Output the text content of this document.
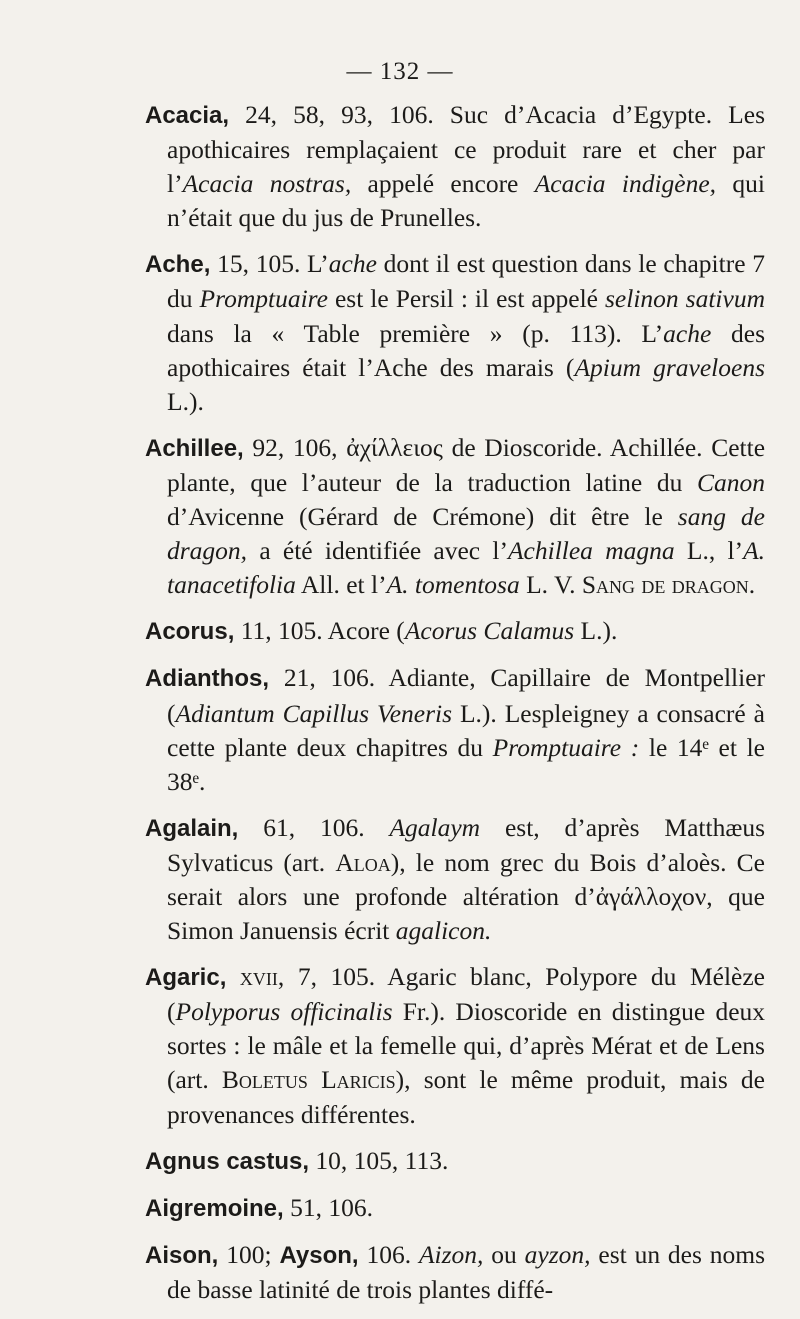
— 132 —

Acacia, 24, 58, 93, 106. Suc d’Acacia d’Egypte. Les apothicaires remplaçaient ce produit rare et cher par l’Acacia nostras, appelé encore Acacia indigène, qui n’était que du jus de Prunelles.

Ache, 15, 105. L’ache dont il est question dans le chapitre 7 du Promptuaire est le Persil : il est appelé selinon sativum dans la « Table première » (p. 113). L’ache des apothicaires était l’Ache des marais (Apium graveloens L.).

Achillee, 92, 106, ἀχίλλειος de Dioscoride. Achillée. Cette plante, que l’auteur de la traduction latine du Canon d’Avicenne (Gérard de Crémone) dit être le sang de dragon, a été identifiée avec l’Achillea magna L., l’A. tanacetifolia All. et l’A. tomentosa L. V. Sang de dragon.

Acorus, 11, 105. Acore (Acorus Calamus L.).

Adianthos, 21, 106. Adiante, Capillaire de Montpellier (Adiantum Capillus Veneris L.). Lespleigney a consacré à cette plante deux chapitres du Promptuaire : le 14ᵉ et le 38ᵉ.

Agalain, 61, 106. Agalaym est, d’après Matthæus Sylvaticus (art. Aloa), le nom grec du Bois d’aloès. Ce serait alors une profonde altération d’ἀγάλλοχον, que Simon Januensis écrit agalicon.

Agaric, xvii, 7, 105. Agaric blanc, Polypore du Mélèze (Polyporus officinalis Fr.). Dioscoride en distingue deux sortes : le mâle et la femelle qui, d’après Mérat et de Lens (art. Boletus Laricis), sont le même produit, mais de provenances différentes.

Agnus castus, 10, 105, 113.

Aigremoine, 51, 106.

Aison, 100; Ayson, 106. Aizon, ou ayzon, est un des noms de basse latinité de trois plantes diffé-
